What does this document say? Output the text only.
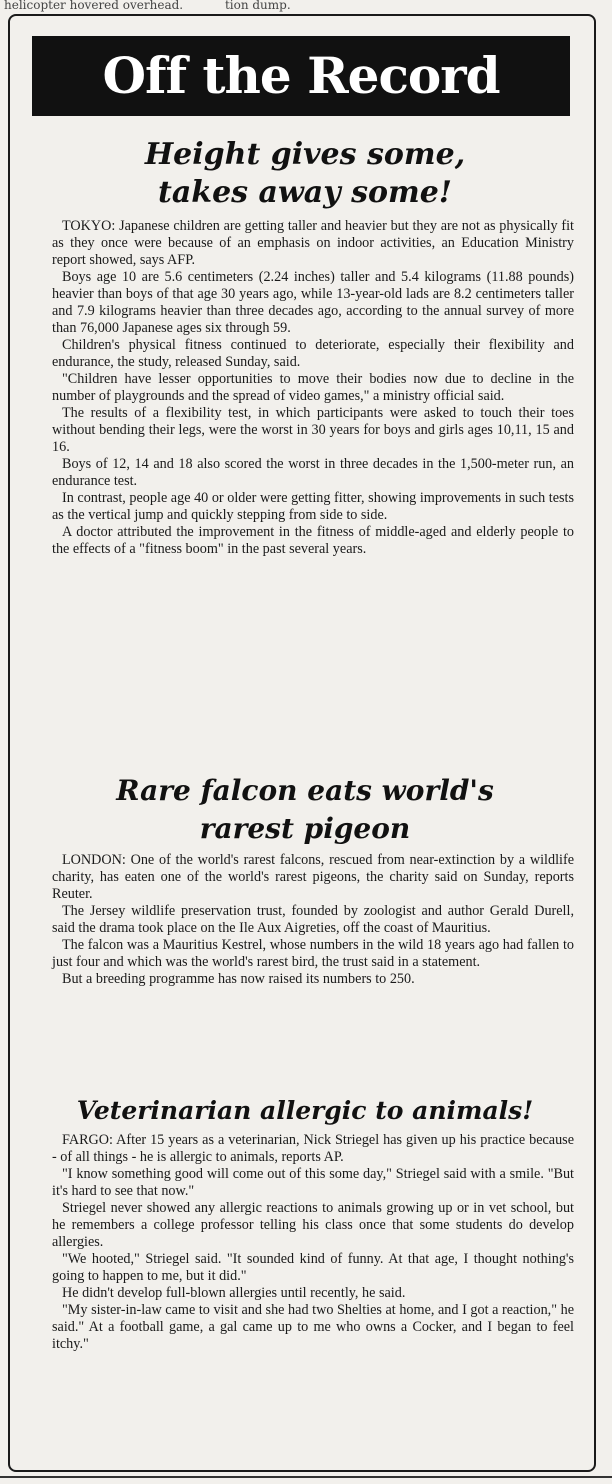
helicopter hovered overhead.	tion dump.
Off the Record
Height gives some,
takes away some!

TOKYO: Japanese children are getting taller and heavier but they are not as physically fit as they once were because of an emphasis on indoor activities, an Education Ministry report showed, says AFP.

Boys age 10 are 5.6 centimeters (2.24 inches) taller and 5.4 kilograms (11.88 pounds) heavier than boys of that age 30 years ago, while 13-year-old lads are 8.2 centimeters taller and 7.9 kilograms heavier than three decades ago, according to the annual survey of more than 76,000 Japanese ages six through 59.

Children's physical fitness continued to deteriorate, especially their flexibility and endurance, the study, released Sunday, said.

"Children have lesser opportunities to move their bodies now due to decline in the number of playgrounds and the spread of video games," a ministry official said.

The results of a flexibility test, in which participants were asked to touch their toes without bending their legs, were the worst in 30 years for boys and girls ages 10,11, 15 and 16.

Boys of 12, 14 and 18 also scored the worst in three decades in the 1,500-meter run, an endurance test.

In contrast, people age 40 or older were getting fitter, showing improvements in such tests as the vertical jump and quickly stepping from side to side.

A doctor attributed the improvement in the fitness of middle-aged and elderly people to the effects of a "fitness boom" in the past several years.

Rare falcon eats world's
rarest pigeon

LONDON: One of the world's rarest falcons, rescued from near-extinction by a wildlife charity, has eaten one of the world's rarest pigeons, the charity said on Sunday, reports Reuter.

The Jersey wildlife preservation trust, founded by zoologist and author Gerald Durell, said the drama took place on the Ile Aux Aigreties, off the coast of Mauritius.

The falcon was a Mauritius Kestrel, whose numbers in the wild 18 years ago had fallen to just four and which was the world's rarest bird, the trust said in a statement.

But a breeding programme has now raised its numbers to 250.

Veterinarian allergic to animals!

FARGO: After 15 years as a veterinarian, Nick Striegel has given up his practice because - of all things - he is allergic to animals, reports AP.

"I know something good will come out of this some day," Striegel said with a smile. "But it's hard to see that now."

Striegel never showed any allergic reactions to animals growing up or in vet school, but he remembers a college professor telling his class once that some students do develop allergies.

"We hooted," Striegel said. "It sounded kind of funny. At that age, I thought nothing's going to happen to me, but it did."

He didn't develop full-blown allergies until recently, he said.

"My sister-in-law came to visit and she had two Shelties at home, and I got a reaction," he said." At a football game, a gal came up to me who owns a Cocker, and I began to feel itchy."
